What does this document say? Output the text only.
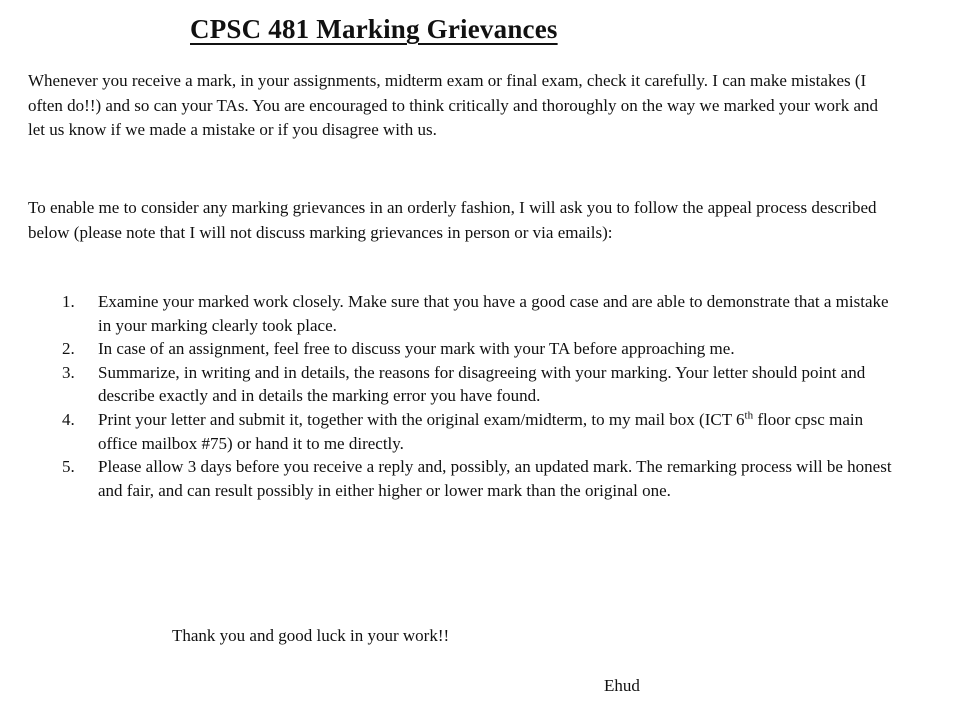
CPSC 481 Marking Grievances

Whenever you receive a mark, in your assignments, midterm exam or final exam, check it carefully. I can make mistakes (I often do!!) and so can your TAs. You are encouraged to think critically and thoroughly on the way we marked your work and let us know if we made a mistake or if you disagree with us.

To enable me to consider any marking grievances in an orderly fashion, I will ask you to follow the appeal process described below (please note that I will not discuss marking grievances in person or via emails):

1. Examine your marked work closely. Make sure that you have a good case and are able to demonstrate that a mistake in your marking clearly took place.
2. In case of an assignment, feel free to discuss your mark with your TA before approaching me.
3. Summarize, in writing and in details, the reasons for disagreeing with your marking. Your letter should point and describe exactly and in details the marking error you have found.
4. Print your letter and submit it, together with the original exam/midterm, to my mail box (ICT 6th floor cpsc main office mailbox #75) or hand it to me directly.
5. Please allow 3 days before you receive a reply and, possibly, an updated mark. The remarking process will be honest and fair, and can result possibly in either higher or lower mark than the original one.
Thank you and good luck in your work!!
Ehud
